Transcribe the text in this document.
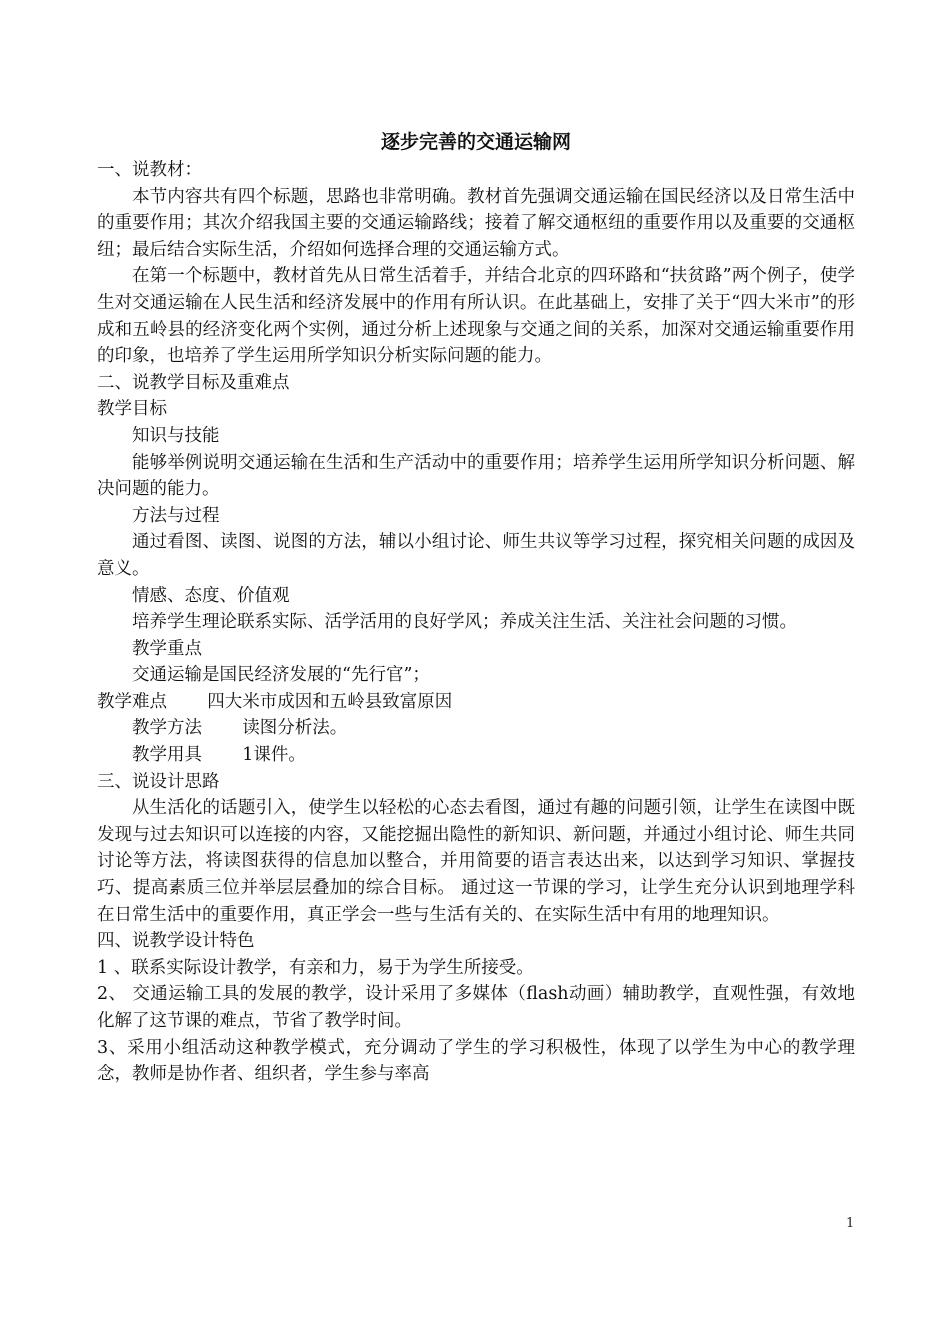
逐步完善的交通运输网

一、说教材：

本节内容共有四个标题，思路也非常明确。教材首先强调交通运输在国民经济以及日常生活中的重要作用；其次介绍我国主要的交通运输路线；接着了解交通枢纽的重要作用以及重要的交通枢纽；最后结合实际生活，介绍如何选择合理的交通运输方式。

在第一个标题中，教材首先从日常生活着手，并结合北京的四环路和“扶贫路”两个例子，使学生对交通运输在人民生活和经济发展中的作用有所认识。在此基础上，安排了关于“四大米市”的形成和五岭县的经济变化两个实例，通过分析上述现象与交通之间的关系，加深对交通运输重要作用的印象，也培养了学生运用所学知识分析实际问题的能力。

二、说教学目标及重难点

教学目标

知识与技能

能够举例说明交通运输在生活和生产活动中的重要作用；培养学生运用所学知识分析问题、解决问题的能力。

方法与过程

通过看图、读图、说图的方法，辅以小组讨论、师生共议等学习过程，探究相关问题的成因及意义。

情感、态度、价值观

培养学生理论联系实际、活学活用的良好学风；养成关注生活、关注社会问题的习惯。

教学重点

交通运输是国民经济发展的“先行官”；

教学难点 四大米市成因和五岭县致富原因

教学方法 读图分析法。

教学用具 1课件。

三、说设计思路

从生活化的话题引入，使学生以轻松的心态去看图，通过有趣的问题引领，让学生在读图中既发现与过去知识可以连接的内容，又能挖掘出隐性的新知识、新问题，并通过小组讨论、师生共同讨论等方法，将读图获得的信息加以整合，并用简要的语言表达出来，以达到学习知识、掌握技巧、提高素质三位并举层层叠加的综合目标。 通过这一节课的学习，让学生充分认识到地理学科在日常生活中的重要作用，真正学会一些与生活有关的、在实际生活中有用的地理知识。

四、说教学设计特色

1 、联系实际设计教学，有亲和力，易于为学生所接受。

2、 交通运输工具的发展的教学，设计采用了多媒体（flash动画）辅助教学，直观性强，有效地化解了这节课的难点，节省了教学时间。

3、采用小组活动这种教学模式，充分调动了学生的学习积极性，体现了以学生为中心的教学理念，教师是协作者、组织者，学生参与率高

1
